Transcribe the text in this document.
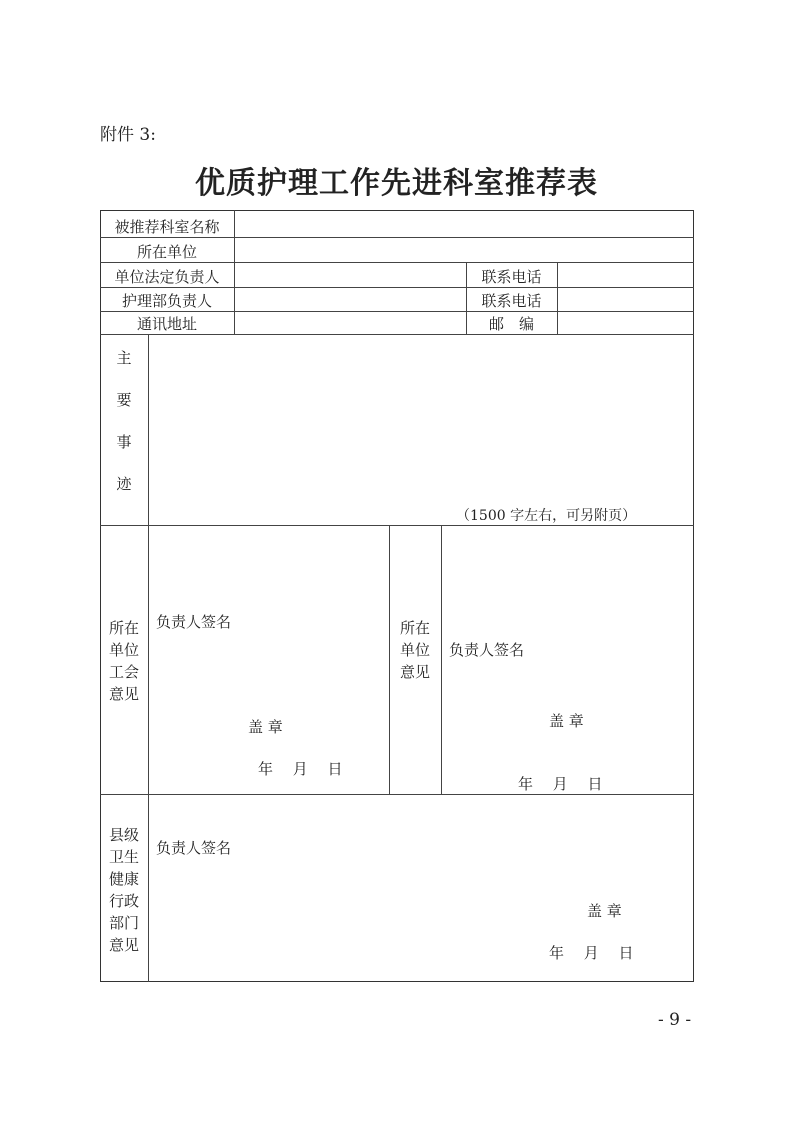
附件 3:
优质护理工作先进科室推荐表
被推荐科室名称
所在单位
单位法定负责人	联系电话
护理部负责人	联系电话
通讯地址	邮　编
主
要
事
迹
（1500 字左右，可另附页）
所在
单位
工会
意见
负责人签名
盖 章
年　 月　 日
所在
单位
意见
负责人签名
盖 章
年　 月　 日
县级
卫生
健康
行政
部门
意见
负责人签名
盖 章
年　 月　 日
- 9 -
